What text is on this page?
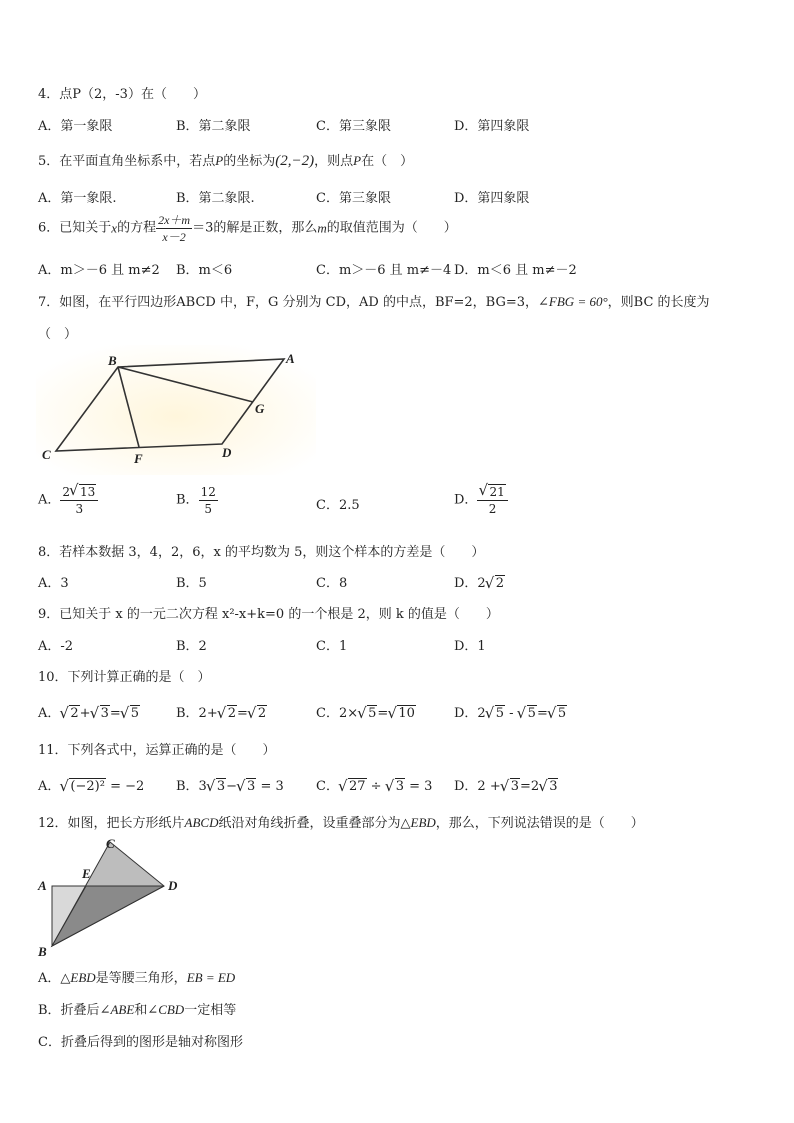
4．点P（2，-3）在（　　）
A．第一象限	B．第二象限	C．第三象限	D．第四象限
5．在平面直角坐标系中，若点P的坐标为(2,−2)，则点P在（　）
A．第一象限.	B．第二象限.	C．第三象限	D．第四象限
6．已知关于x的方程 $\frac{2x+m}{x-2} =3$的解是正数，那么m的取值范围为（　　）
A．m＞－6 且 m≠2 B．m＜6	C．m＞－6 且 m≠－4 D．m＜6 且 m≠－2
7．如图，在平行四边形ABCD 中，F，G 分别为 CD，AD 的中点，BF=2，BG=3，∠FBG = 60°，则BC 的长度为
（　）
B	A
G
C	F	D
A． $\frac{2 √ 13}{3}$	B． $\frac{12}{5}$	C．2.5	D． √ $\frac{21}{2}$
8．若样本数据 3，4，2，6，x 的平均数为 5，则这个样本的方差是（　　）
A．3	B．5	C．8	D．2 √ 2
9．已知关于 x 的一元二次方程 x²-x+k=0 的一个根是 2，则 k 的值是（　　）
A．-2	B．2	C．1	D．1
10．下列计算正确的是（　）
A． √ 2+ √ 3= √ 5	B．2+ √ 2= √ 2	C．2× √ 5= √ 10	D．2 √ 5 - √ 5= √ 5
11．下列各式中，运算正确的是（　　）
A． √ (−2)² = −2 B．3 √ 3− √ 3 = 3 C． √ 27 ÷ √ 3 = 3 D．2 + √ 3=2 √ 3
12．如图，把长方形纸片ABCD纸沿对角线折叠，设重叠部分为△EBD，那么，下列说法错误的是（　　）
A
E
C
D
B
A．△EBD是等腰三角形，EB = ED
B．折叠后∠ABE和∠CBD一定相等
C．折叠后得到的图形是轴对称图形
